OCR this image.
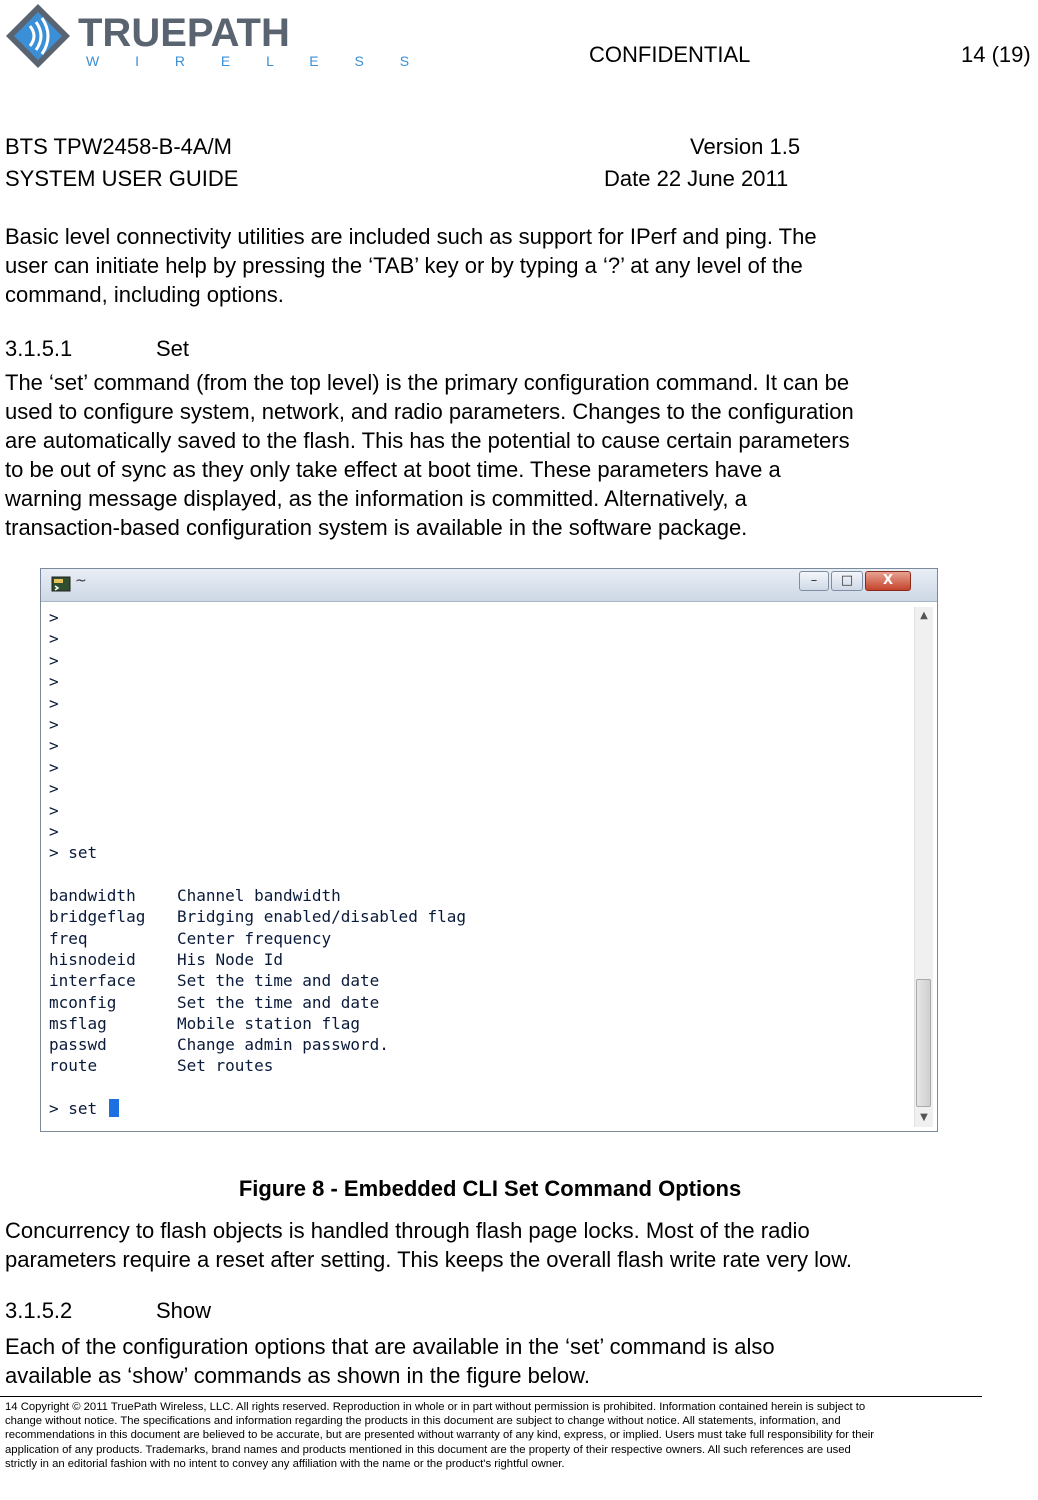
TRUEPATH
W I R E L E S S	CONFIDENTIAL	14 (19)
BTS TPW2458-B-4A/M	Version 1.5
SYSTEM USER GUIDE	Date 22 June 2011

Basic level connectivity utilities are included such as support for IPerf and ping. The

user can initiate help by pressing the ‘TAB’ key or by typing a ‘?’ at any level of the

command, including options.

3.1.5.1	Set

The ‘set’ command (from the top level) is the primary configuration command. It can be

used to configure system, network, and radio parameters. Changes to the configuration

are automatically saved to the flash. This has the potential to cause certain parameters

to be out of sync as they only take effect at boot time. These parameters have a

warning message displayed, as the information is committed. Alternatively, a

transaction-based configuration system is available in the software package.

~	–	□	X
>
>
>
>
>
>
>
>
>
>
>
> set
bandwidth	Channel bandwidth
bridgeflag Bridging enabled/disabled flag
freq	Center frequency
hisnodeid	His Node Id
interface	Set the time and date
mconfig	Set the time and date
msflag	Mobile station flag
passwd	Change admin password.
route	Set routes
> set
▲
▼
Figure 8 - Embedded CLI Set Command Options

Concurrency to flash objects is handled through flash page locks. Most of the radio

parameters require a reset after setting. This keeps the overall flash write rate very low.

3.1.5.2	Show

Each of the configuration options that are available in the ‘set’ command is also

available as ‘show’ commands as shown in the figure below.

14 Copyright © 2011 TruePath Wireless, LLC. All rights reserved. Reproduction in whole or in part without permission is prohibited. Information contained herein is subject to

change without notice. The specifications and information regarding the products in this document are subject to change without notice. All statements, information, and

recommendations in this document are believed to be accurate, but are presented without warranty of any kind, express, or implied. Users must take full responsibility for their

application of any products. Trademarks, brand names and products mentioned in this document are the property of their respective owners. All such references are used

strictly in an editorial fashion with no intent to convey any affiliation with the name or the product's rightful owner.
